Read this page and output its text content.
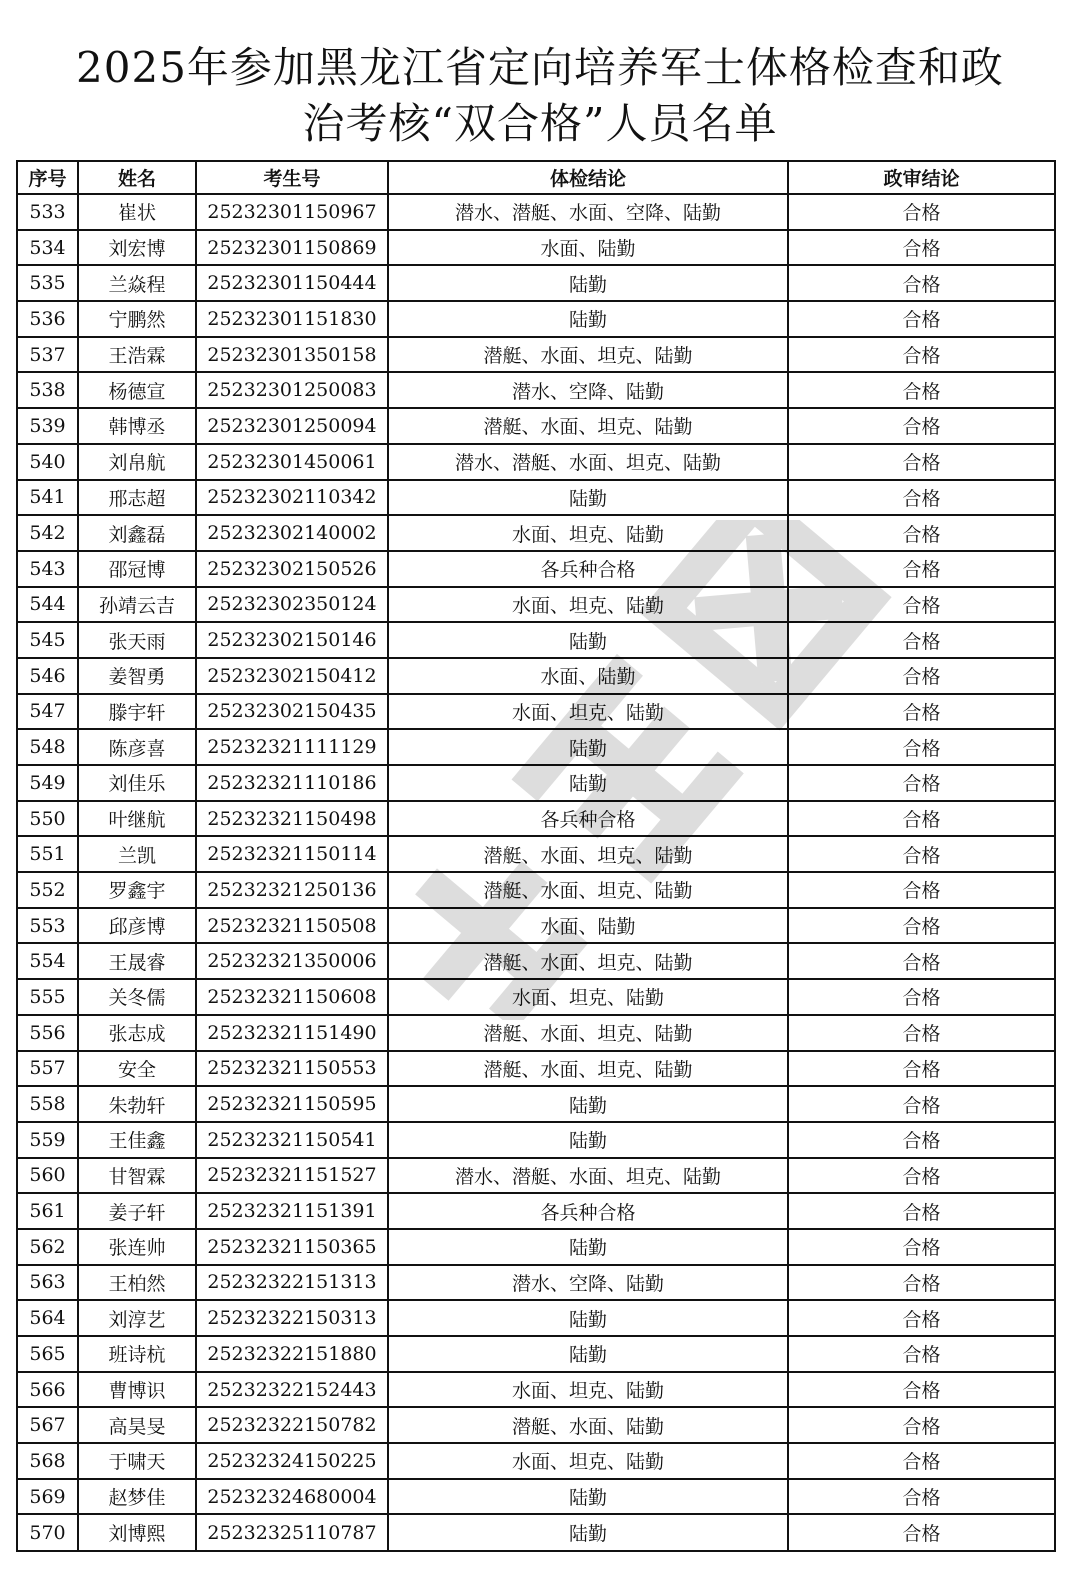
2025年参加黑龙江省定向培养军士体格检查和政
治考核“双合格”人员名单
序号	姓名	考生号	体检结论	政审结论
533	崔状	25232301150967	潜水、潜艇、水面、空降、陆勤	合格
534	刘宏博	25232301150869	水面、陆勤	合格
535	兰焱程	25232301150444	陆勤	合格
536	宁鹏然	25232301151830	陆勤	合格
537	王浩霖	25232301350158	潜艇、水面、坦克、陆勤	合格
538	杨德宣	25232301250083	潜水、空降、陆勤	合格
539	韩博丞	25232301250094	潜艇、水面、坦克、陆勤	合格
540	刘帛航	25232301450061	潜水、潜艇、水面、坦克、陆勤	合格
541	邢志超	25232302110342	陆勤	合格
542	刘鑫磊	25232302140002	水面、坦克、陆勤	合格
543	邵冠博	25232302150526	各兵种合格	合格
544	孙靖云吉	25232302350124	水面、坦克、陆勤	合格
545	张天雨	25232302150146	陆勤	合格
546	姜智勇	25232302150412	水面、陆勤	合格
547	滕宇轩	25232302150435	水面、坦克、陆勤	合格
548	陈彦喜	25232321111129	陆勤	合格
549	刘佳乐	25232321110186	陆勤	合格
550	叶继航	25232321150498	各兵种合格	合格
551	兰凯	25232321150114	潜艇、水面、坦克、陆勤	合格
552	罗鑫宇	25232321250136	潜艇、水面、坦克、陆勤	合格
553	邱彦博	25232321150508	水面、陆勤	合格
554	王晟睿	25232321350006	潜艇、水面、坦克、陆勤	合格
555	关冬儒	25232321150608	水面、坦克、陆勤	合格
556	张志成	25232321151490	潜艇、水面、坦克、陆勤	合格
557	安全	25232321150553	潜艇、水面、坦克、陆勤	合格
558	朱勃轩	25232321150595	陆勤	合格
559	王佳鑫	25232321150541	陆勤	合格
560	甘智霖	25232321151527	潜水、潜艇、水面、坦克、陆勤	合格
561	姜子轩	25232321151391	各兵种合格	合格
562	张连帅	25232321150365	陆勤	合格
563	王柏然	25232322151313	潜水、空降、陆勤	合格
564	刘淳艺	25232322150313	陆勤	合格
565	班诗杭	25232322151880	陆勤	合格
566	曹博识	25232322152443	水面、坦克、陆勤	合格
567	高昊旻	25232322150782	潜艇、水面、陆勤	合格
568	于啸天	25232324150225	水面、坦克、陆勤	合格
569	赵梦佳	25232324680004	陆勤	合格
570	刘博熙	25232325110787	陆勤	合格
